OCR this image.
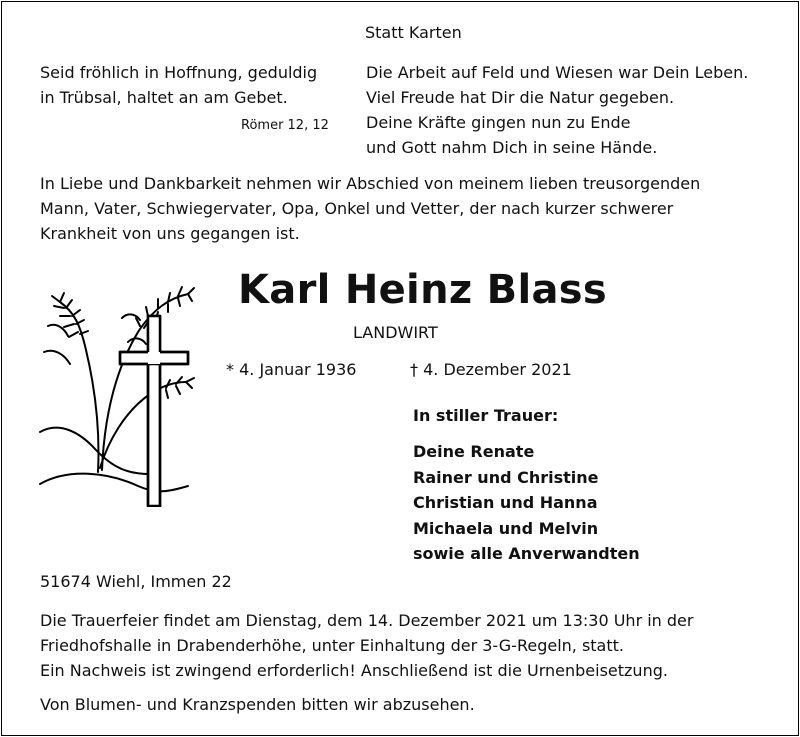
Statt Karten
Seid fröhlich in Hoffnung, geduldig
in Trübsal, haltet an am Gebet.
Römer 12, 12
Die Arbeit auf Feld und Wiesen war Dein Leben.
Viel Freude hat Dir die Natur gegeben.
Deine Kräfte gingen nun zu Ende
und Gott nahm Dich in seine Hände.
In Liebe und Dankbarkeit nehmen wir Abschied von meinem lieben treusorgenden
Mann, Vater, Schwiegervater, Opa, Onkel und Vetter, der nach kurzer schwerer
Krankheit von uns gegangen ist.
Karl Heinz Blass
LANDWIRT
* 4. Januar 1936	† 4. Dezember 2021
In stiller Trauer:
Deine Renate
Rainer und Christine
Christian und Hanna
Michaela und Melvin
sowie alle Anverwandten
51674 Wiehl, Immen 22
Die Trauerfeier findet am Dienstag, dem 14. Dezember 2021 um 13:30 Uhr in der
Friedhofshalle in Drabenderhöhe, unter Einhaltung der 3-G-Regeln, statt.
Ein Nachweis ist zwingend erforderlich! Anschließend ist die Urnenbeisetzung.
Von Blumen- und Kranzspenden bitten wir abzusehen.
